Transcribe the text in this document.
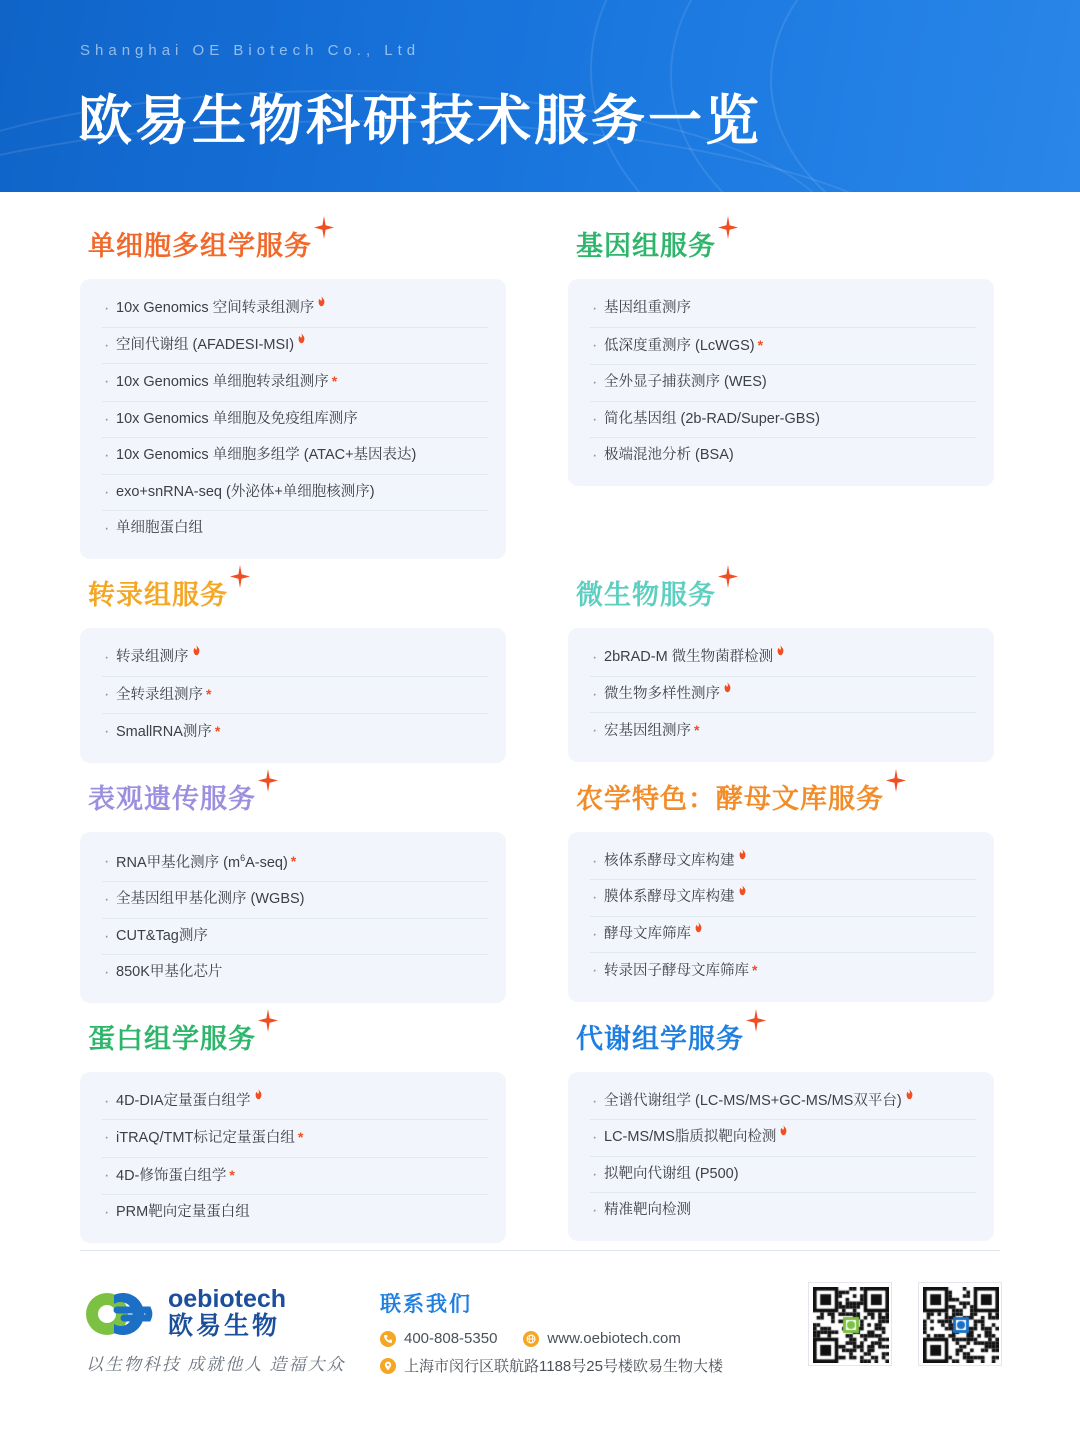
Shanghai OE Biotech Co., Ltd
欧易生物科研技术服务一览
单细胞多组学服务
· 10x Genomics 空间转录组测序
· 空间代谢组 (AFADESI-MSI)
· 10x Genomics 单细胞转录组测序 *
· 10x Genomics 单细胞及免疫组库测序
· 10x Genomics 单细胞多组学 (ATAC+基因表达)
· exo+snRNA-seq (外泌体+单细胞核测序)
· 单细胞蛋白组
基因组服务
· 基因组重测序
· 低深度重测序 (LcWGS) *
· 全外显子捕获测序 (WES)
· 简化基因组 (2b-RAD/Super-GBS)
· 极端混池分析 (BSA)
转录组服务
· 转录组测序
· 全转录组测序 *
· SmallRNA测序 *
微生物服务
· 2bRAD-M 微生物菌群检测
· 微生物多样性测序
· 宏基因组测序 *
表观遗传服务
· RNA甲基化测序 $(m^6A-seq)$ *
· 全基因组甲基化测序 (WGBS)
· CUT&Tag测序
· 850K甲基化芯片
农学特色：酵母文库服务
· 核体系酵母文库构建
· 膜体系酵母文库构建
· 酵母文库筛库
· 转录因子酵母文库筛库 *
蛋白组学服务
· 4D-DIA定量蛋白组学
· iTRAQ/TMT标记定量蛋白组 *
· 4D-修饰蛋白组学 *
· PRM靶向定量蛋白组
代谢组学服务
· 全谱代谢组学 (LC-MS/MS+GC-MS/MS双平台)
· LC-MS/MS脂质拟靶向检测
· 拟靶向代谢组 (P500)
· 精准靶向检测
oebiotech
欧易生物
以生物科技 成就他人 造福大众
联系我们
400-808-5350	www.oebiotech.com
上海市闵行区联航路1188号25号楼欧易生物大楼
